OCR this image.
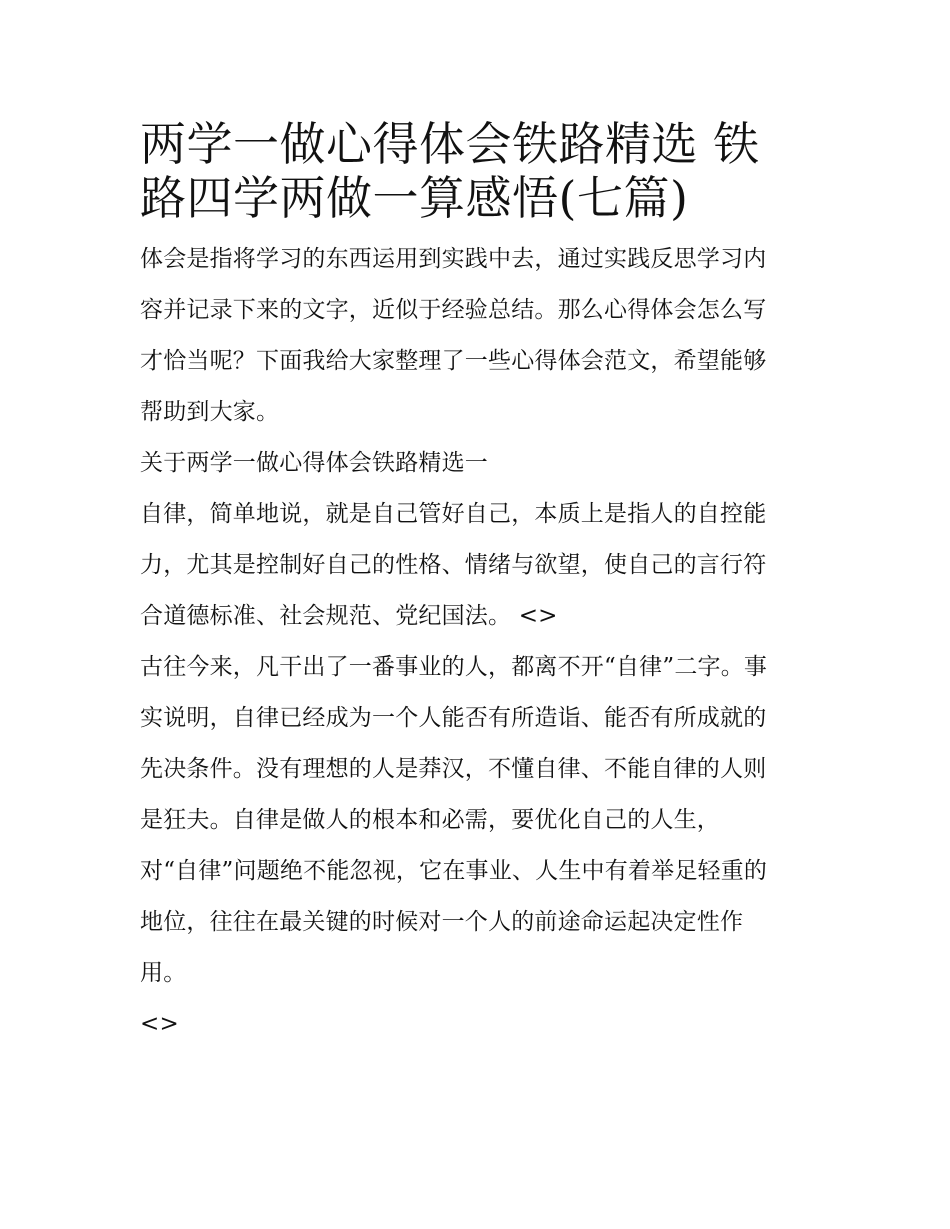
两学一做心得体会铁路精选 铁
路四学两做一算感悟(七篇)
体会是指将学习的东西运用到实践中去，通过实践反思学习内
容并记录下来的文字，近似于经验总结。那么心得体会怎么写
才恰当呢？下面我给大家整理了一些心得体会范文，希望能够
帮助到大家。
关于两学一做心得体会铁路精选一
自律，简单地说，就是自己管好自己，本质上是指人的自控能
力，尤其是控制好自己的性格、情绪与欲望，使自己的言行符
合道德标准、社会规范、党纪国法。 <>
古往今来，凡干出了一番事业的人，都离不开“自律”二字。事
实说明，自律已经成为一个人能否有所造诣、能否有所成就的
先决条件。没有理想的人是莽汉，不懂自律、不能自律的人则
是狂夫。自律是做人的根本和必需，要优化自己的人生，
对“自律”问题绝不能忽视，它在事业、人生中有着举足轻重的
地位，往往在最关键的时候对一个人的前途命运起决定性作
用。
<>
